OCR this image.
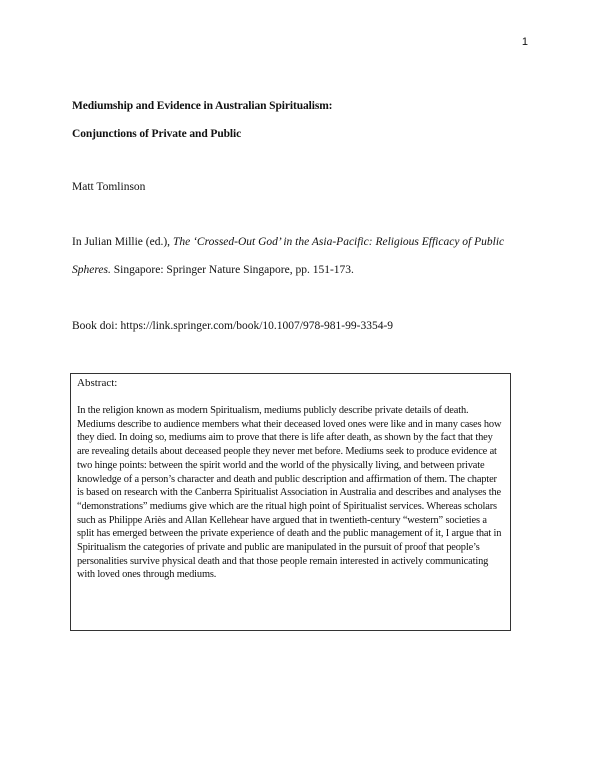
1
Mediumship and Evidence in Australian Spiritualism:
Conjunctions of Private and Public
Matt Tomlinson
In Julian Millie (ed.), The ‘Crossed-Out God’ in the Asia-Pacific: Religious Efficacy of Public
Spheres. Singapore: Springer Nature Singapore, pp. 151-173.
Book doi: https://link.springer.com/book/10.1007/978-981-99-3354-9

Abstract:

In the religion known as modern Spiritualism, mediums publicly describe private details of death. Mediums describe to audience members what their deceased loved ones were like and in many cases how they died. In doing so, mediums aim to prove that there is life after death, as shown by the fact that they are revealing details about deceased people they never met before. Mediums seek to produce evidence at two hinge points: between the spirit world and the world of the physically living, and between private knowledge of a person’s character and death and public description and affirmation of them. The chapter is based on research with the Canberra Spiritualist Association in Australia and describes and analyses the “demonstrations” mediums give which are the ritual high point of Spiritualist services. Whereas scholars such as Philippe Ariès and Allan Kellehear have argued that in twentieth-century “western” societies a split has emerged between the private experience of death and the public management of it, I argue that in Spiritualism the categories of private and public are manipulated in the pursuit of proof that people’s personalities survive physical death and that those people remain interested in actively communicating with loved ones through mediums.
